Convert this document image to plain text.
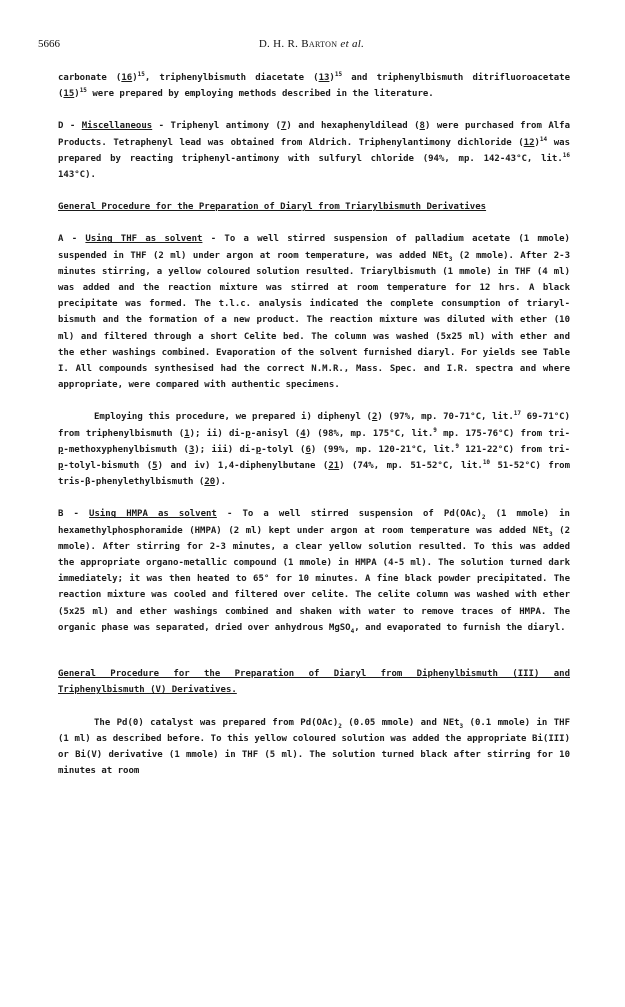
5666	D. H. R. Barton et al.

carbonate $(16)^{15}$, triphenylbismuth diacetate $(13)^{15}$ and triphenylbismuth ditrifluoroacetate $(15)^{15}$ were prepared by employing methods described in the literature.

D - Miscellaneous - Triphenyl antimony (7) and hexaphenyldilead (8) were purchased from Alfa Products. Tetraphenyl lead was obtained from Aldrich. Triphenylantimony dichloride $(12)^{14}$ was prepared by reacting triphenyl-antimony with sulfuryl chloride (94%, mp. 142-43°C, lit.$^{16}$ 143°C).

General Procedure for the Preparation of Diaryl from Triarylbismuth Derivatives

A - Using THF as solvent - To a well stirred suspension of palladium acetate (1 mmole) suspended in THF (2 ml) under argon at room temperature, was added NEt$_3$ (2 mmole). After 2-3 minutes stirring, a yellow coloured solution resulted. Triarylbismuth (1 mmole) in THF (4 ml) was added and the reaction mixture was stirred at room temperature for 12 hrs. A black precipitate was formed. The t.l.c. analysis indicated the complete consumption of triaryl-bismuth and the formation of a new product. The reaction mixture was diluted with ether (10 ml) and filtered through a short Celite bed. The column was washed (5x25 ml) with ether and the ether washings combined. Evaporation of the solvent furnished diaryl. For yields see Table I. All compounds synthesised had the correct N.M.R., Mass. Spec. and I.R. spectra and where appropriate, were compared with authentic specimens.

Employing this procedure, we prepared i) diphenyl (2) (97%, mp. 70-71°C, lit.$^{17}$ 69-71°C) from triphenylbismuth (1); ii) di-p-anisyl (4) (98%, mp. 175°C, lit.$^9$ mp. 175-76°C) from tri-p-methoxyphenylbismuth (3); iii) di-p-tolyl (6) (99%, mp. 120-21°C, lit.$^9$ 121-22°C) from tri-p-tolyl-bismuth (5) and iv) 1,4-diphenylbutane (21) (74%, mp. 51-52°C, lit.$^{10}$ 51-52°C) from tris-β-phenylethylbismuth (20).

B - Using HMPA as solvent - To a well stirred suspension of $Pd(OAc)_2$ (1 mmole) in hexamethylphosphoramide (HMPA) (2 ml) kept under argon at room temperature was added NEt$_3$ (2 mmole). After stirring for 2-3 minutes, a clear yellow solution resulted. To this was added the appropriate organo-metallic compound (1 mmole) in HMPA (4-5 ml). The solution turned dark immediately; it was then heated to 65° for 10 minutes. A fine black powder precipitated. The reaction mixture was cooled and filtered over celite. The celite column was washed with ether (5x25 ml) and ether washings combined and shaken with water to remove traces of HMPA. The organic phase was separated, dried over anhydrous MgSO$_4$, and evaporated to furnish the diaryl.

General Procedure for the Preparation of Diaryl from Diphenylbismuth (III) and Triphenylbismuth (V) Derivatives.

The Pd(0) catalyst was prepared from $Pd(OAc)_2$ (0.05 mmole) and NEt$_3$ (0.1 mmole) in THF (1 ml) as described before. To this yellow coloured solution was added the appropriate Bi(III) or Bi(V) derivative (1 mmole) in THF (5 ml). The solution turned black after stirring for 10 minutes at room
